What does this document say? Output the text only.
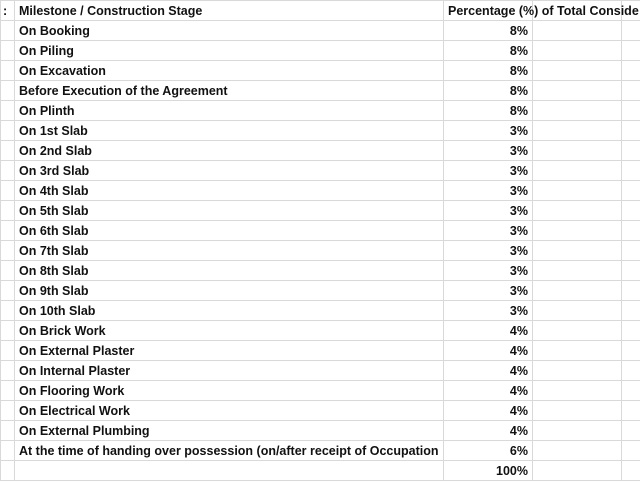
:	Milestone / Construction Stage	Percentage (%) of Total Conside		
	On Booking	8%		
	On Piling	8%		
	On Excavation	8%		
	Before Execution of the Agreement	8%		
	On Plinth	8%		
	On 1st Slab	3%		
	On 2nd Slab	3%		
	On 3rd Slab	3%		
	On 4th Slab	3%		
	On 5th Slab	3%		
	On 6th Slab	3%		
	On 7th Slab	3%		
	On 8th Slab	3%		
	On 9th Slab	3%		
	On 10th Slab	3%		
	On Brick Work	4%		
	On External Plaster	4%		
	On Internal Plaster	4%		
	On Flooring Work	4%		
	On Electrical Work	4%		
	On External Plumbing	4%		
	At the time of handing over possession (on/after receipt of Occupation	6%		
		100%		
